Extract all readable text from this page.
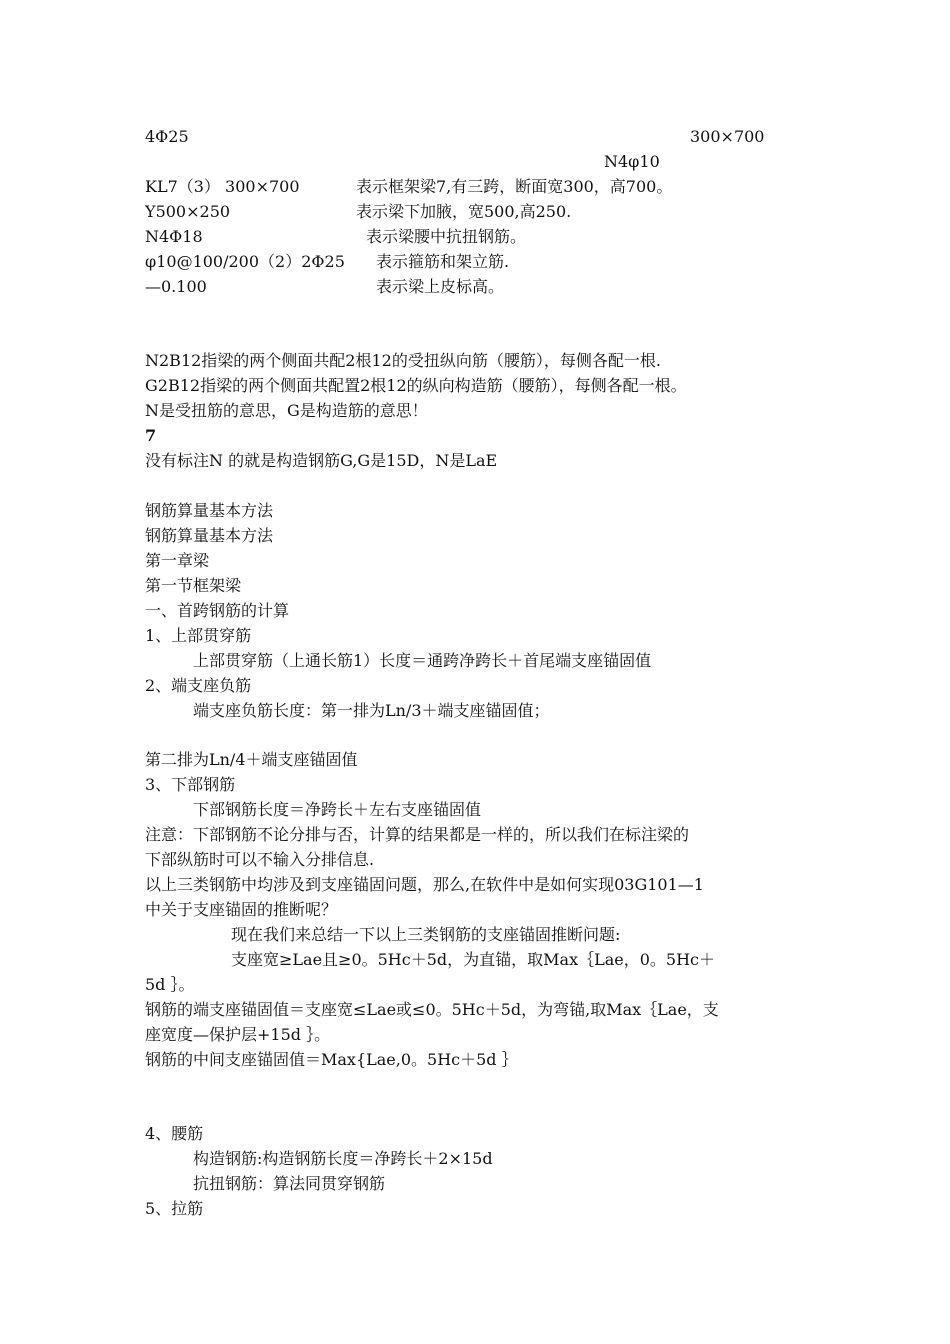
4Φ25	300×700
N4φ10
KL7（3） 300×700	表示框架梁7,有三跨，断面宽300，高700。
Y500×250	表示梁下加腋，宽500,高250.
N4Φ18	表示梁腰中抗扭钢筋。
φ10@100/200（2）2Φ25 表示箍筋和架立筋.
—0.100	表示梁上皮标高。
N2B12指梁的两个侧面共配2根12的受扭纵向筋（腰筋），每侧各配一根.
G2B12指梁的两个侧面共配置2根12的纵向构造筋（腰筋），每侧各配一根。
N是受扭筋的意思，G是构造筋的意思！
7
没有标注N 的就是构造钢筋G,G是15D，N是LaE
钢筋算量基本方法
钢筋算量基本方法
第一章梁
第一节框架梁
一、首跨钢筋的计算
1、上部贯穿筋
上部贯穿筋（上通长筋1）长度＝通跨净跨长＋首尾端支座锚固值
2、端支座负筋
端支座负筋长度：第一排为Ln/3＋端支座锚固值；
第二排为Ln/4＋端支座锚固值
3、下部钢筋
下部钢筋长度＝净跨长＋左右支座锚固值
注意：下部钢筋不论分排与否，计算的结果都是一样的，所以我们在标注梁的
下部纵筋时可以不输入分排信息.
以上三类钢筋中均涉及到支座锚固问题，那么,在软件中是如何实现03G101—1
中关于支座锚固的推断呢？
现在我们来总结一下以上三类钢筋的支座锚固推断问题:
支座宽≥Lae且≥0。5Hc＋5d，为直锚，取Max｛Lae，0。5Hc＋
5d ｝。
钢筋的端支座锚固值＝支座宽≤Lae或≤0。5Hc＋5d，为弯锚,取Max｛Lae，支
座宽度—保护层+15d ｝。
钢筋的中间支座锚固值＝Max{Lae,0。5Hc＋5d ｝
4、腰筋
构造钢筋:构造钢筋长度＝净跨长＋2×15d
抗扭钢筋：算法同贯穿钢筋
5、拉筋
